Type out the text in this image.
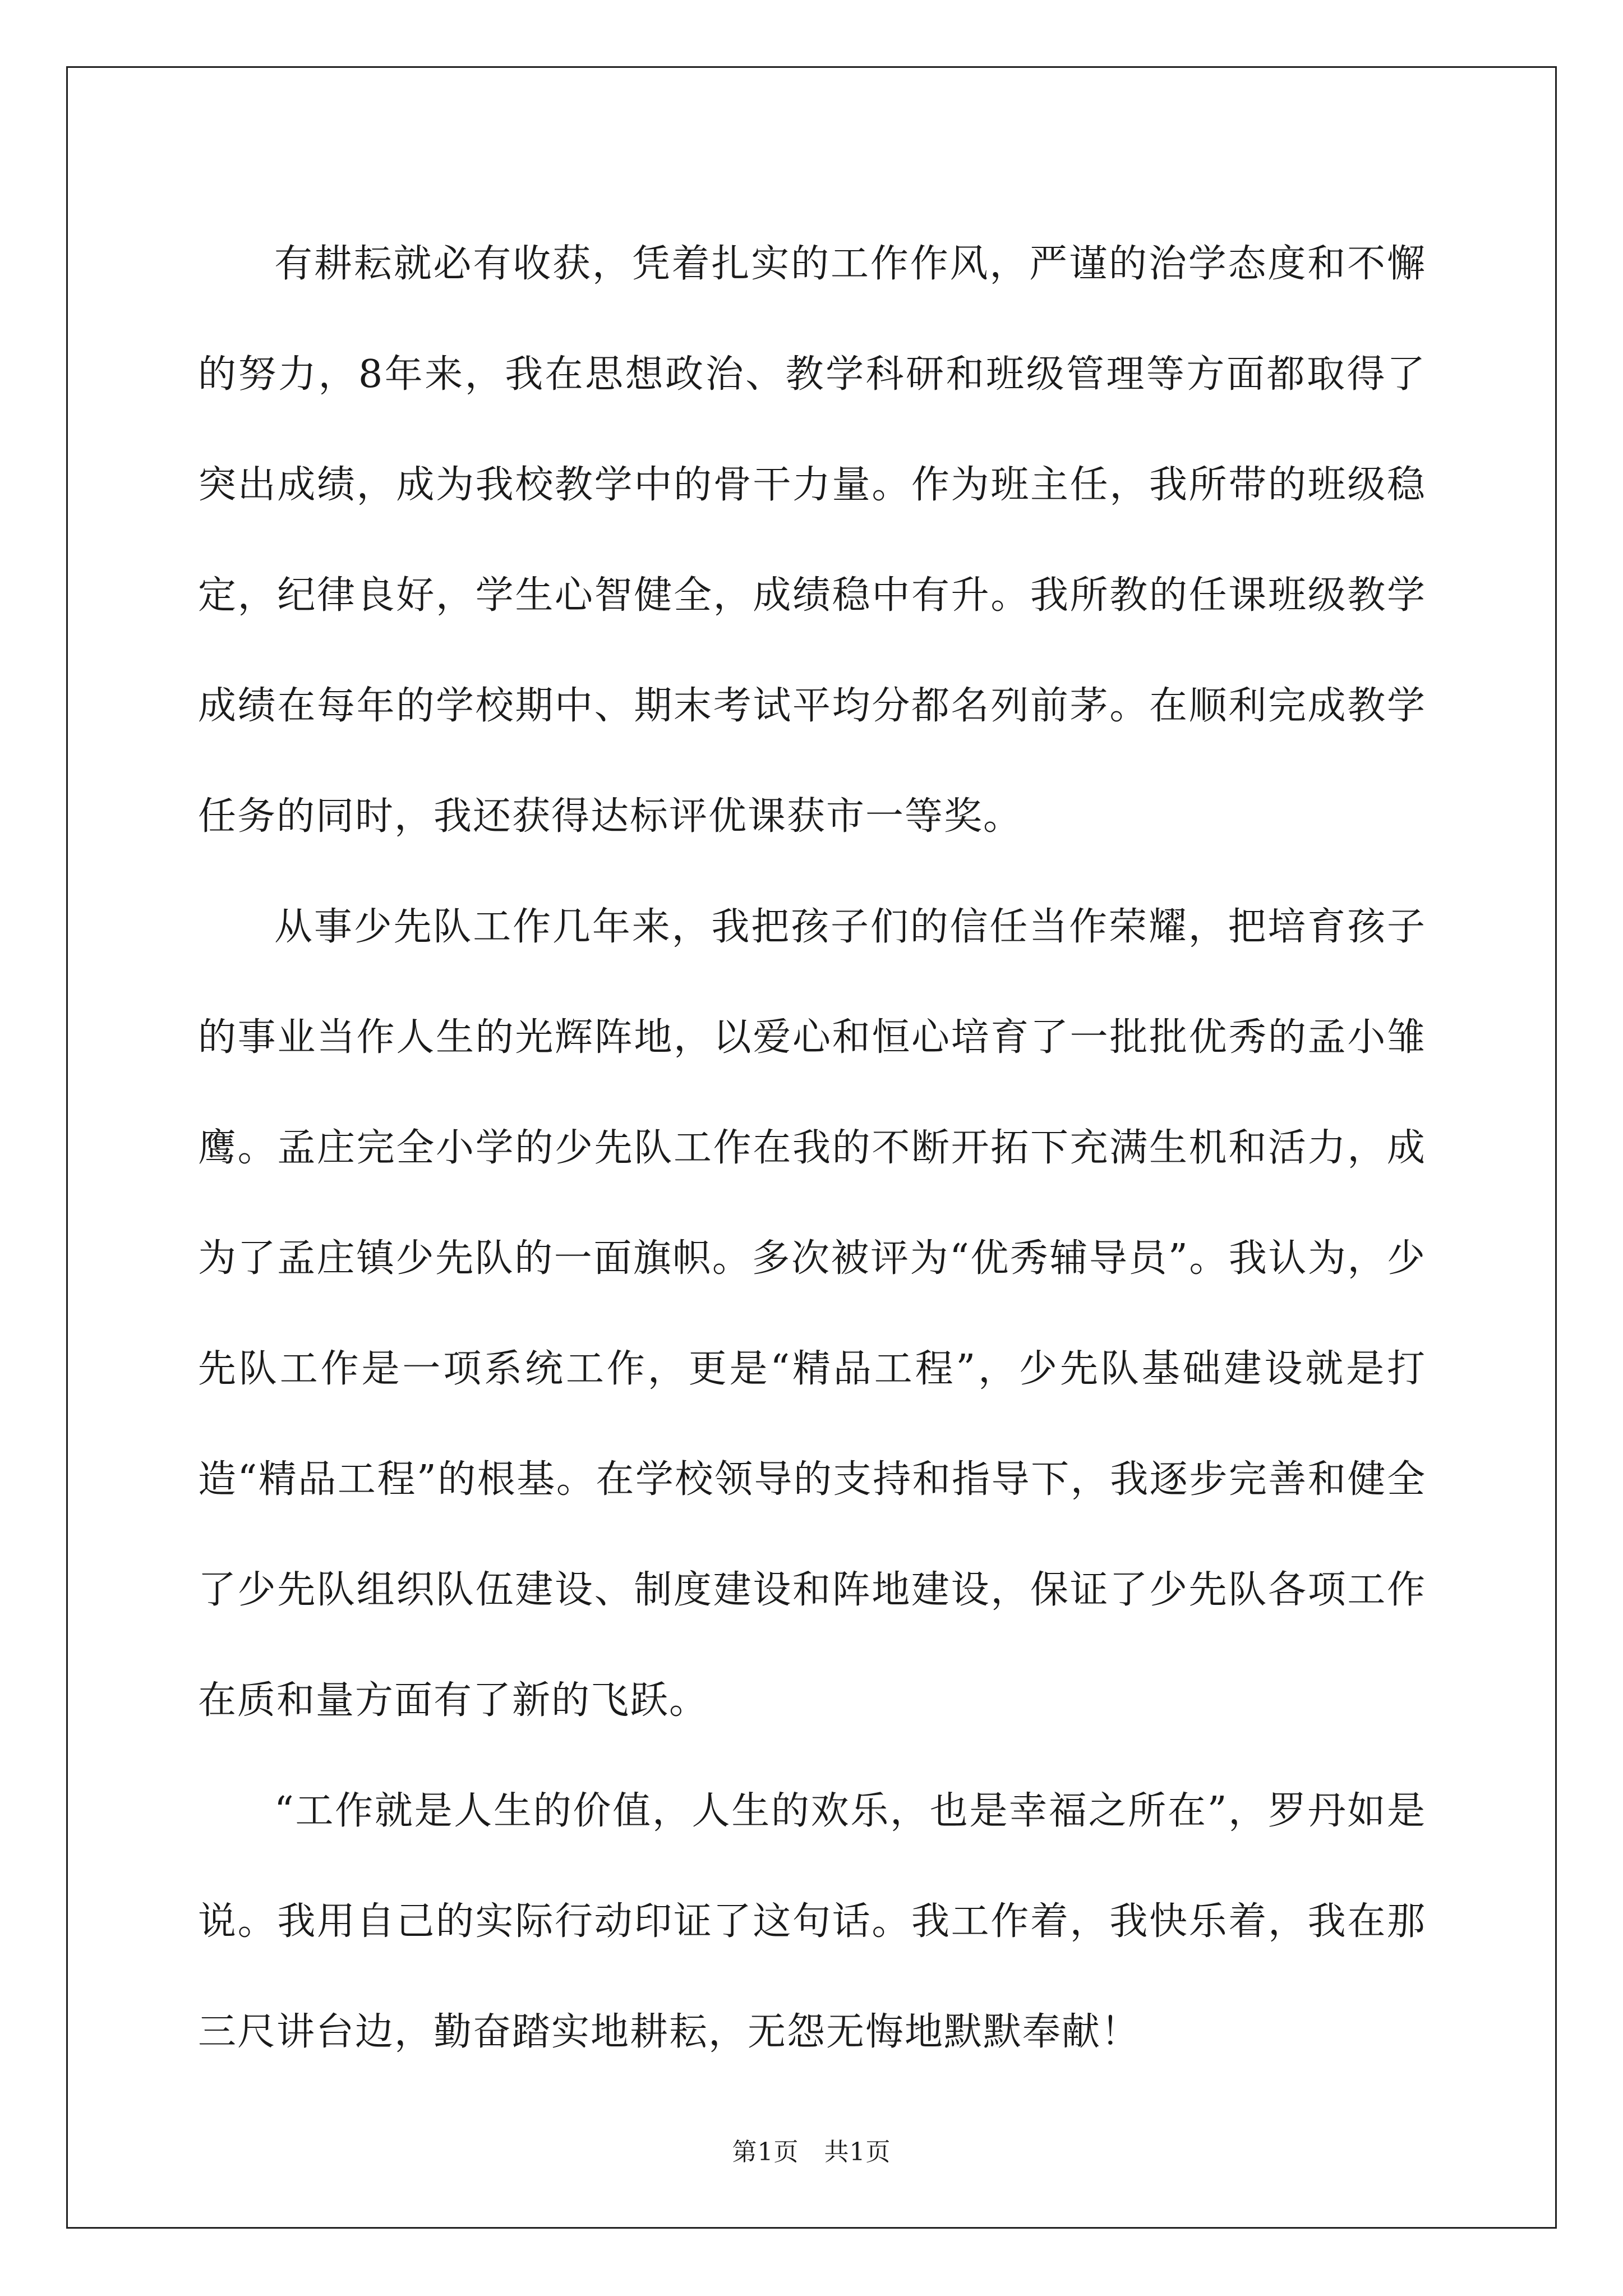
有耕耘就必有收获，凭着扎实的工作作风，严谨的治学态度和不懈的努力，8年来，我在思想政治、教学科研和班级管理等方面都取得了突出成绩，成为我校教学中的骨干力量。作为班主任，我所带的班级稳定，纪律良好，学生心智健全，成绩稳中有升。我所教的任课班级教学成绩在每年的学校期中、期末考试平均分都名列前茅。在顺利完成教学任务的同时，我还获得达标评优课获市一等奖。

从事少先队工作几年来，我把孩子们的信任当作荣耀，把培育孩子的事业当作人生的光辉阵地，以爱心和恒心培育了一批批优秀的孟小雏鹰。孟庄完全小学的少先队工作在我的不断开拓下充满生机和活力，成为了孟庄镇少先队的一面旗帜。多次被评为“优秀辅导员”。我认为，少先队工作是一项系统工作，更是“精品工程”，少先队基础建设就是打造“精品工程”的根基。在学校领导的支持和指导下，我逐步完善和健全了少先队组织队伍建设、制度建设和阵地建设，保证了少先队各项工作在质和量方面有了新的飞跃。

“工作就是人生的价值，人生的欢乐，也是幸福之所在”，罗丹如是说。我用自己的实际行动印证了这句话。我工作着，我快乐着，我在那三尺讲台边，勤奋踏实地耕耘，无怨无悔地默默奉献！

第1页 共1页
